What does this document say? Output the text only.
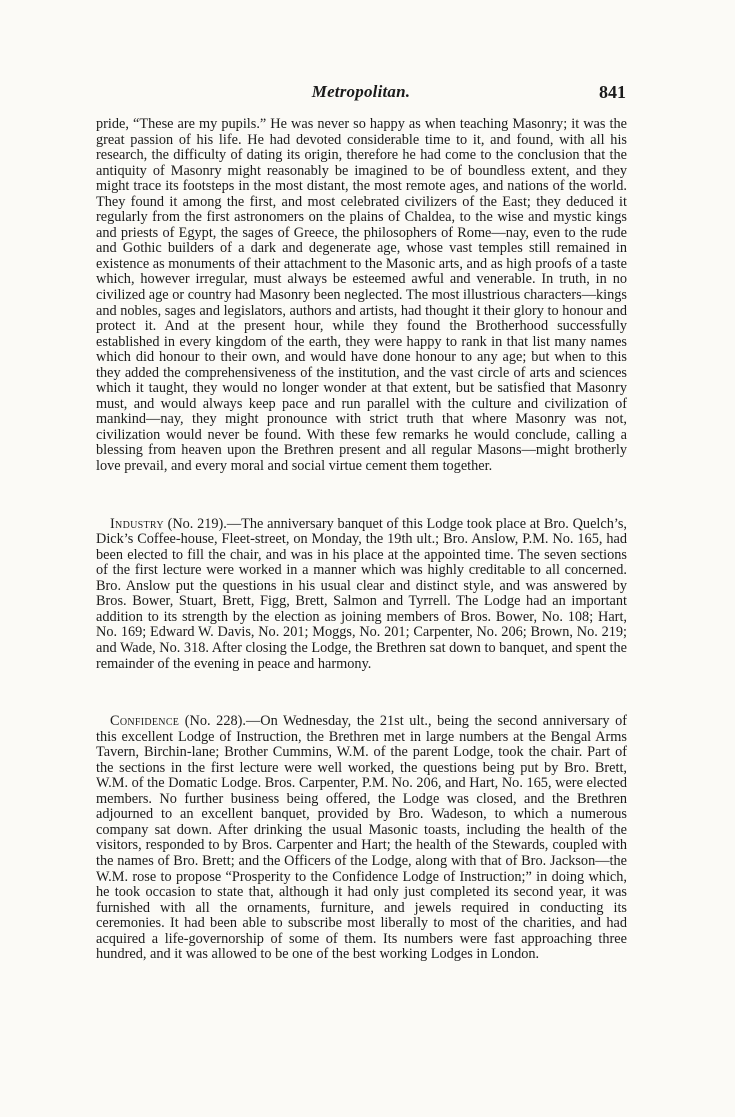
Metropolitan.	841

pride, “These are my pupils.” He was never so happy as when teaching Masonry; it was the great passion of his life. He had devoted considerable time to it, and found, with all his research, the difficulty of dating its origin, therefore he had come to the conclusion that the antiquity of Masonry might reasonably be imagined to be of boundless extent, and they might trace its footsteps in the most distant, the most remote ages, and nations of the world. They found it among the first, and most celebrated civilizers of the East; they deduced it regularly from the first astronomers on the plains of Chaldea, to the wise and mystic kings and priests of Egypt, the sages of Greece, the philosophers of Rome—nay, even to the rude and Gothic builders of a dark and degenerate age, whose vast temples still remained in existence as monuments of their attachment to the Masonic arts, and as high proofs of a taste which, however irregular, must always be esteemed awful and venerable. In truth, in no civilized age or country had Masonry been neglected. The most illustrious characters—kings and nobles, sages and legislators, authors and artists, had thought it their glory to honour and protect it. And at the present hour, while they found the Brotherhood successfully established in every kingdom of the earth, they were happy to rank in that list many names which did honour to their own, and would have done honour to any age; but when to this they added the comprehensiveness of the institution, and the vast circle of arts and sciences which it taught, they would no longer wonder at that extent, but be satisfied that Masonry must, and would always keep pace and run parallel with the culture and civilization of mankind—nay, they might pronounce with strict truth that where Masonry was not, civilization would never be found. With these few remarks he would conclude, calling a blessing from heaven upon the Brethren present and all regular Masons—might brotherly love prevail, and every moral and social virtue cement them together.

Industry (No. 219).—The anniversary banquet of this Lodge took place at Bro. Quelch’s, Dick’s Coffee-house, Fleet-street, on Monday, the 19th ult.; Bro. Anslow, P.M. No. 165, had been elected to fill the chair, and was in his place at the appointed time. The seven sections of the first lecture were worked in a manner which was highly creditable to all concerned. Bro. Anslow put the questions in his usual clear and distinct style, and was answered by Bros. Bower, Stuart, Brett, Figg, Brett, Salmon and Tyrrell. The Lodge had an important addition to its strength by the election as joining members of Bros. Bower, No. 108; Hart, No. 169; Edward W. Davis, No. 201; Moggs, No. 201; Carpenter, No. 206; Brown, No. 219; and Wade, No. 318. After closing the Lodge, the Brethren sat down to banquet, and spent the remainder of the evening in peace and harmony.

Confidence (No. 228).—On Wednesday, the 21st ult., being the second anniversary of this excellent Lodge of Instruction, the Brethren met in large numbers at the Bengal Arms Tavern, Birchin-lane; Brother Cummins, W.M. of the parent Lodge, took the chair. Part of the sections in the first lecture were well worked, the questions being put by Bro. Brett, W.M. of the Domatic Lodge. Bros. Carpenter, P.M. No. 206, and Hart, No. 165, were elected members. No further business being offered, the Lodge was closed, and the Brethren adjourned to an excellent banquet, provided by Bro. Wadeson, to which a numerous company sat down. After drinking the usual Masonic toasts, including the health of the visitors, responded to by Bros. Carpenter and Hart; the health of the Stewards, coupled with the names of Bro. Brett; and the Officers of the Lodge, along with that of Bro. Jackson—the W.M. rose to propose “Prosperity to the Confidence Lodge of Instruction;” in doing which, he took occasion to state that, although it had only just completed its second year, it was furnished with all the ornaments, furniture, and jewels required in conducting its ceremonies. It had been able to subscribe most liberally to most of the charities, and had acquired a life-governorship of some of them. Its numbers were fast approaching three hundred, and it was allowed to be one of the best working Lodges in London.
